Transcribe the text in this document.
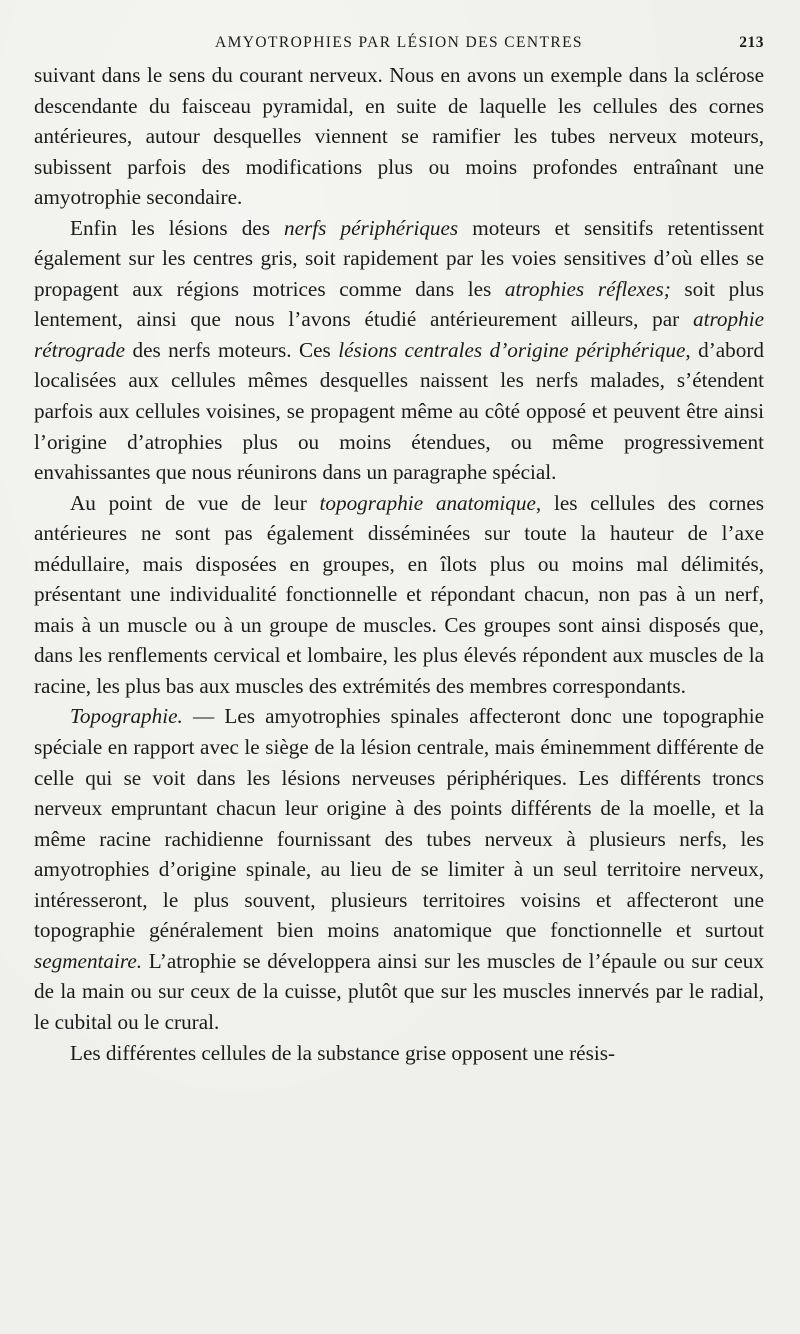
AMYOTROPHIES PAR LÉSION DES CENTRES	213

suivant dans le sens du courant nerveux. Nous en avons un exemple dans la sclérose descendante du faisceau pyramidal, en suite de laquelle les cellules des cornes antérieures, autour desquelles viennent se ramifier les tubes nerveux moteurs, subissent parfois des modifications plus ou moins profondes entraînant une amyotrophie secondaire.

Enfin les lésions des nerfs périphériques moteurs et sensitifs retentissent également sur les centres gris, soit rapidement par les voies sensitives d’où elles se propagent aux régions motrices comme dans les atrophies réflexes; soit plus lentement, ainsi que nous l’avons étudié antérieurement ailleurs, par atrophie rétrograde des nerfs moteurs. Ces lésions centrales d’origine périphérique, d’abord localisées aux cellules mêmes desquelles naissent les nerfs malades, s’étendent parfois aux cellules voisines, se propagent même au côté opposé et peuvent être ainsi l’origine d’atrophies plus ou moins étendues, ou même progressivement envahissantes que nous réunirons dans un paragraphe spécial.

Au point de vue de leur topographie anatomique, les cellules des cornes antérieures ne sont pas également disséminées sur toute la hauteur de l’axe médullaire, mais disposées en groupes, en îlots plus ou moins mal délimités, présentant une individualité fonctionnelle et répondant chacun, non pas à un nerf, mais à un muscle ou à un groupe de muscles. Ces groupes sont ainsi disposés que, dans les renflements cervical et lombaire, les plus élevés répondent aux muscles de la racine, les plus bas aux muscles des extrémités des membres correspondants.

Topographie. — Les amyotrophies spinales affecteront donc une topographie spéciale en rapport avec le siège de la lésion centrale, mais éminemment différente de celle qui se voit dans les lésions nerveuses périphériques. Les différents troncs nerveux empruntant chacun leur origine à des points différents de la moelle, et la même racine rachidienne fournissant des tubes nerveux à plusieurs nerfs, les amyotrophies d’origine spinale, au lieu de se limiter à un seul territoire nerveux, intéresseront, le plus souvent, plusieurs territoires voisins et affecteront une topographie généralement bien moins anatomique que fonctionnelle et surtout segmentaire. L’atrophie se développera ainsi sur les muscles de l’épaule ou sur ceux de la main ou sur ceux de la cuisse, plutôt que sur les muscles innervés par le radial, le cubital ou le crural.

Les différentes cellules de la substance grise opposent une résis-
